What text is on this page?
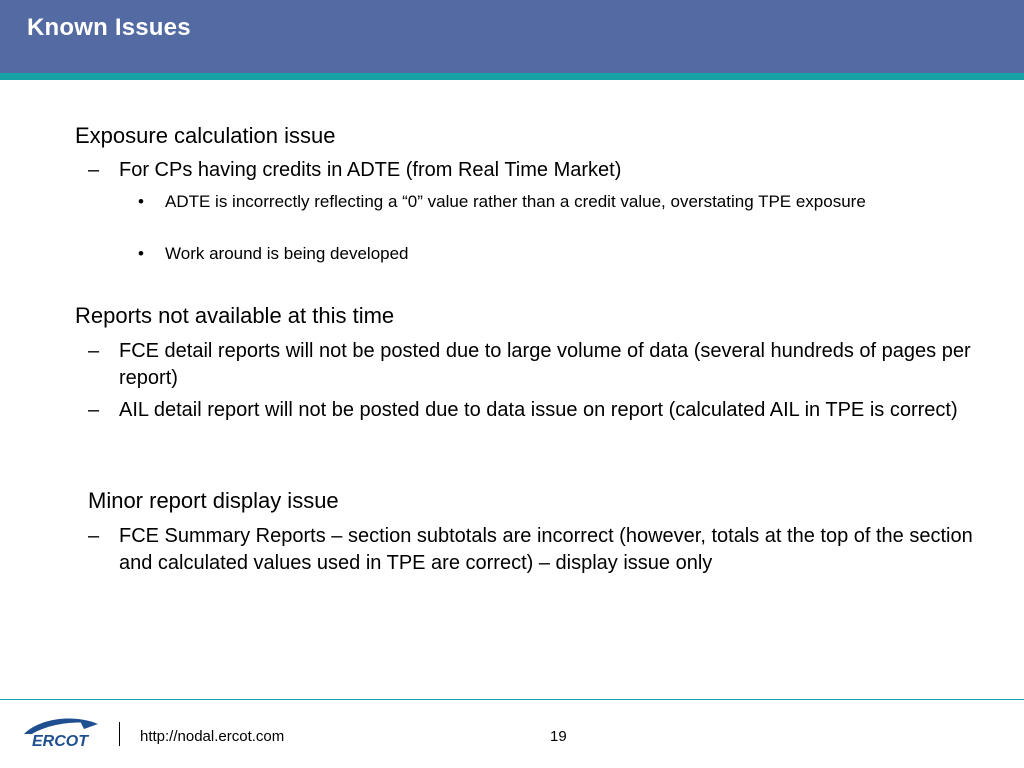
Known Issues

Exposure calculation issue

– For CPs having credits in ADTE (from Real Time Market)
• ADTE is incorrectly reflecting a “0” value rather than a credit value, overstating TPE exposure
• Work around is being developed

Reports not available at this time

– FCE detail reports will not be posted due to large volume of data (several hundreds of pages per report)
– AIL detail report will not be posted due to data issue on report (calculated AIL in TPE is correct)

Minor report display issue

– FCE Summary Reports – section subtotals are incorrect (however, totals at the top of the section and calculated values used in TPE are correct) – display issue only
ERCOT	http://nodal.ercot.com	19
